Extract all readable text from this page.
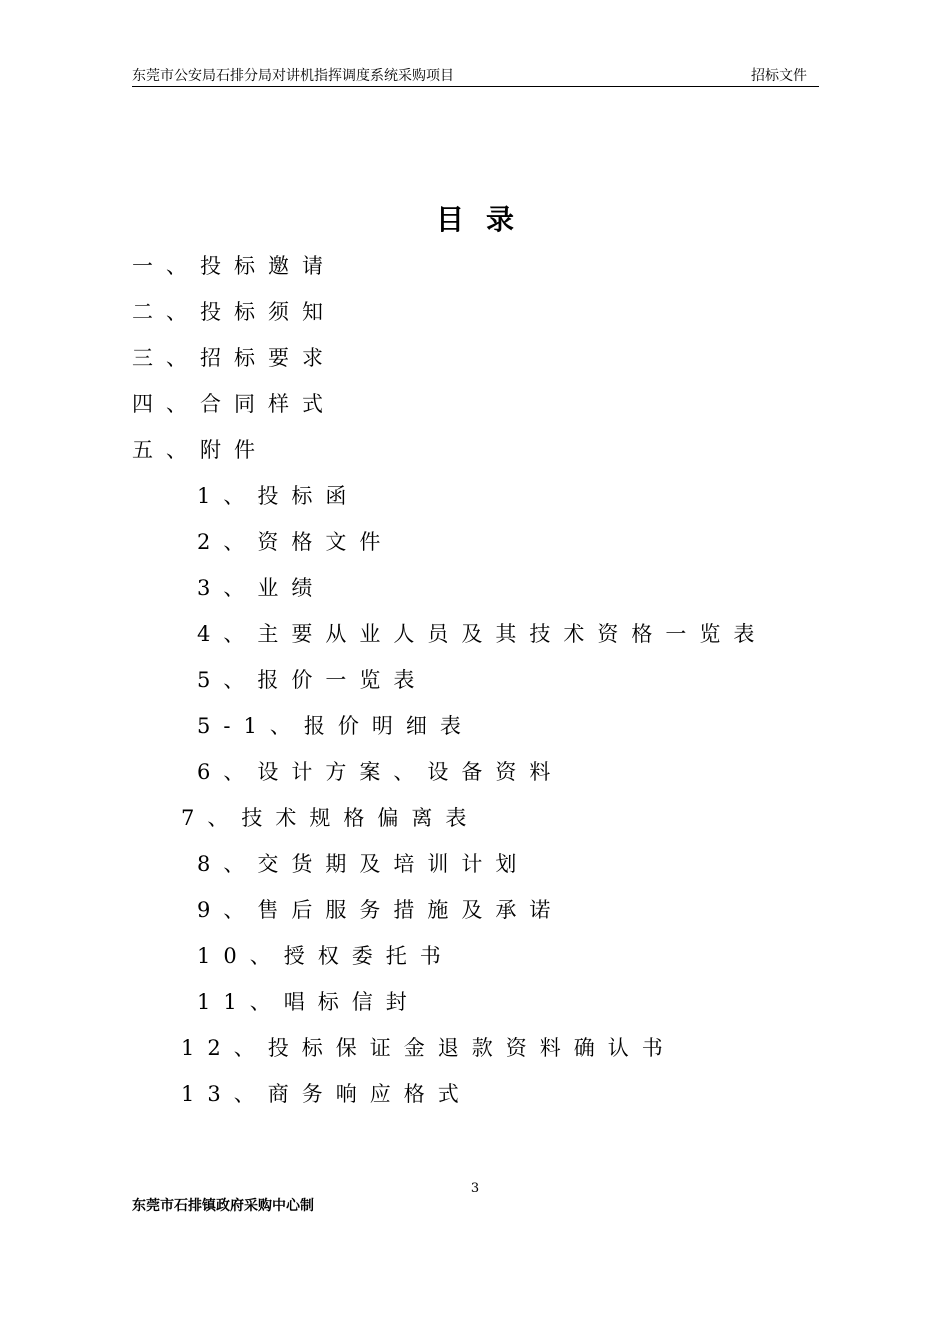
东莞市公安局石排分局对讲机指挥调度系统采购项目	招标文件
目录
一、投标邀请
二、投标须知
三、招标要求
四、合同样式
五、附件
1、投标函
2、资格文件
3、业绩
4、主要从业人员及其技术资格一览表
5、报价一览表
5-1、报价明细表
6、设计方案、设备资料
7、技术规格偏离表
8、交货期及培训计划
9、售后服务措施及承诺
10、授权委托书
11、唱标信封
12、投标保证金退款资料确认书
13、商务响应格式
3
东莞市石排镇政府采购中心制
